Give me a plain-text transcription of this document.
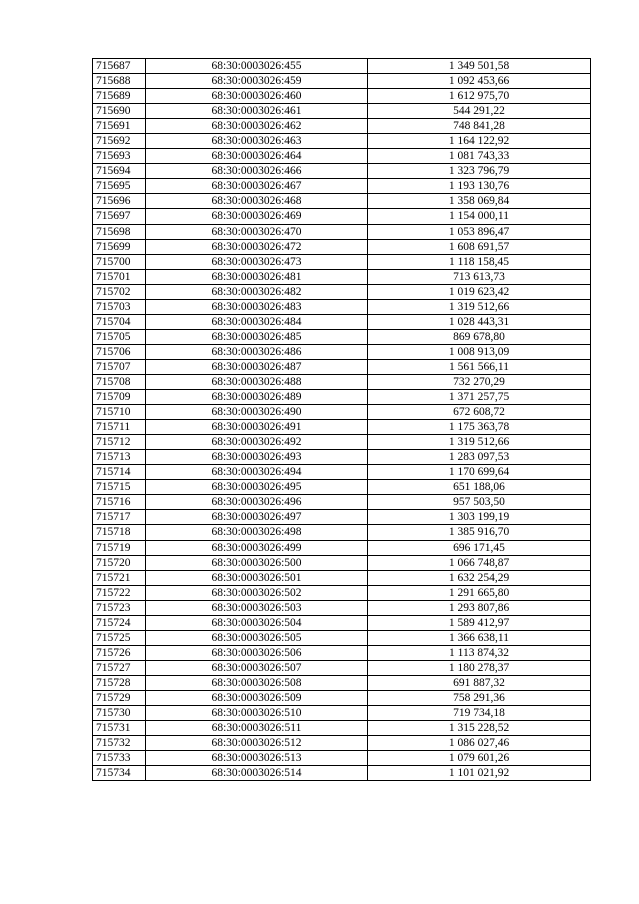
715687	68:30:0003026:455	1 349 501,58
715688	68:30:0003026:459	1 092 453,66
715689	68:30:0003026:460	1 612 975,70
715690	68:30:0003026:461	544 291,22
715691	68:30:0003026:462	748 841,28
715692	68:30:0003026:463	1 164 122,92
715693	68:30:0003026:464	1 081 743,33
715694	68:30:0003026:466	1 323 796,79
715695	68:30:0003026:467	1 193 130,76
715696	68:30:0003026:468	1 358 069,84
715697	68:30:0003026:469	1 154 000,11
715698	68:30:0003026:470	1 053 896,47
715699	68:30:0003026:472	1 608 691,57
715700	68:30:0003026:473	1 118 158,45
715701	68:30:0003026:481	713 613,73
715702	68:30:0003026:482	1 019 623,42
715703	68:30:0003026:483	1 319 512,66
715704	68:30:0003026:484	1 028 443,31
715705	68:30:0003026:485	869 678,80
715706	68:30:0003026:486	1 008 913,09
715707	68:30:0003026:487	1 561 566,11
715708	68:30:0003026:488	732 270,29
715709	68:30:0003026:489	1 371 257,75
715710	68:30:0003026:490	672 608,72
715711	68:30:0003026:491	1 175 363,78
715712	68:30:0003026:492	1 319 512,66
715713	68:30:0003026:493	1 283 097,53
715714	68:30:0003026:494	1 170 699,64
715715	68:30:0003026:495	651 188,06
715716	68:30:0003026:496	957 503,50
715717	68:30:0003026:497	1 303 199,19
715718	68:30:0003026:498	1 385 916,70
715719	68:30:0003026:499	696 171,45
715720	68:30:0003026:500	1 066 748,87
715721	68:30:0003026:501	1 632 254,29
715722	68:30:0003026:502	1 291 665,80
715723	68:30:0003026:503	1 293 807,86
715724	68:30:0003026:504	1 589 412,97
715725	68:30:0003026:505	1 366 638,11
715726	68:30:0003026:506	1 113 874,32
715727	68:30:0003026:507	1 180 278,37
715728	68:30:0003026:508	691 887,32
715729	68:30:0003026:509	758 291,36
715730	68:30:0003026:510	719 734,18
715731	68:30:0003026:511	1 315 228,52
715732	68:30:0003026:512	1 086 027,46
715733	68:30:0003026:513	1 079 601,26
715734	68:30:0003026:514	1 101 021,92
